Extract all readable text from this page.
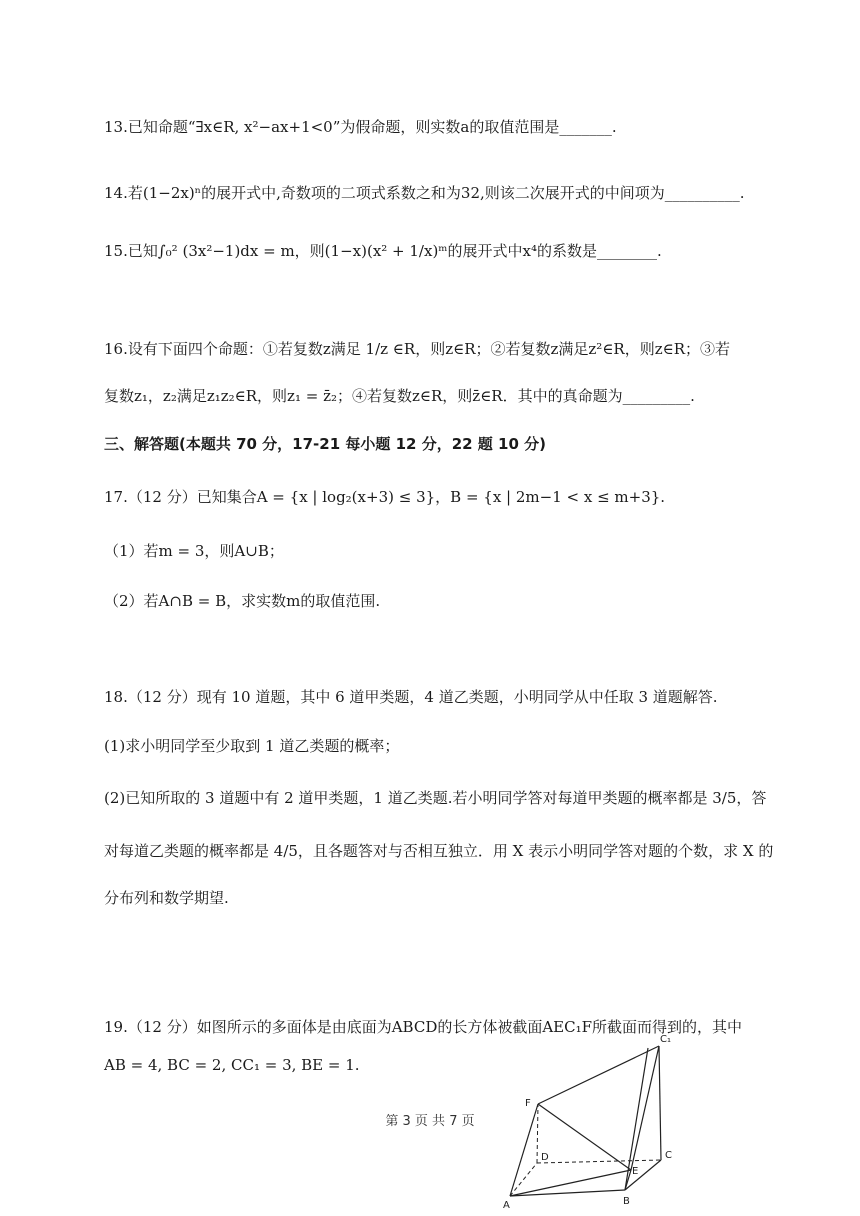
13.已知命题“∃x∈R, x²−ax+1<0”为假命题，则实数a的取值范围是_______.
14.若(1−2x)ⁿ的展开式中,奇数项的二项式系数之和为32,则该二次展开式的中间项为__________.
15.已知∫₀² (3x²−1)dx = m，则(1−x)(x² + 1/x)ᵐ的展开式中x⁴的系数是________.
16.设有下面四个命题：①若复数z满足 1/z ∈R，则z∈R；②若复数z满足z²∈R，则z∈R；③若
复数z₁，z₂满足z₁z₂∈R，则z₁ = z̄₂；④若复数z∈R，则z̄∈R．其中的真命题为_________.
三、解答题(本题共 70 分，17-21 每小题 12 分，22 题 10 分)
17.（12 分）已知集合A = {x | log₂(x+3) ≤ 3}，B = {x | 2m−1 < x ≤ m+3}.
（1）若m = 3，则A∪B；
（2）若A∩B = B，求实数m的取值范围.
18.（12 分）现有 10 道题，其中 6 道甲类题，4 道乙类题，小明同学从中任取 3 道题解答.
(1)求小明同学至少取到 1 道乙类题的概率；
(2)已知所取的 3 道题中有 2 道甲类题，1 道乙类题.若小明同学答对每道甲类题的概率都是 3/5，答
对每道乙类题的概率都是 4/5，且各题答对与否相互独立．用 X 表示小明同学答对题的个数，求 X 的
分布列和数学期望.
19.（12 分）如图所示的多面体是由底面为ABCD的长方体被截面AEC₁F所截面而得到的，其中
AB = 4, BC = 2, CC₁ = 3, BE = 1.
第 3 页 共 7 页
C₁
F
D
E
C
A	B
